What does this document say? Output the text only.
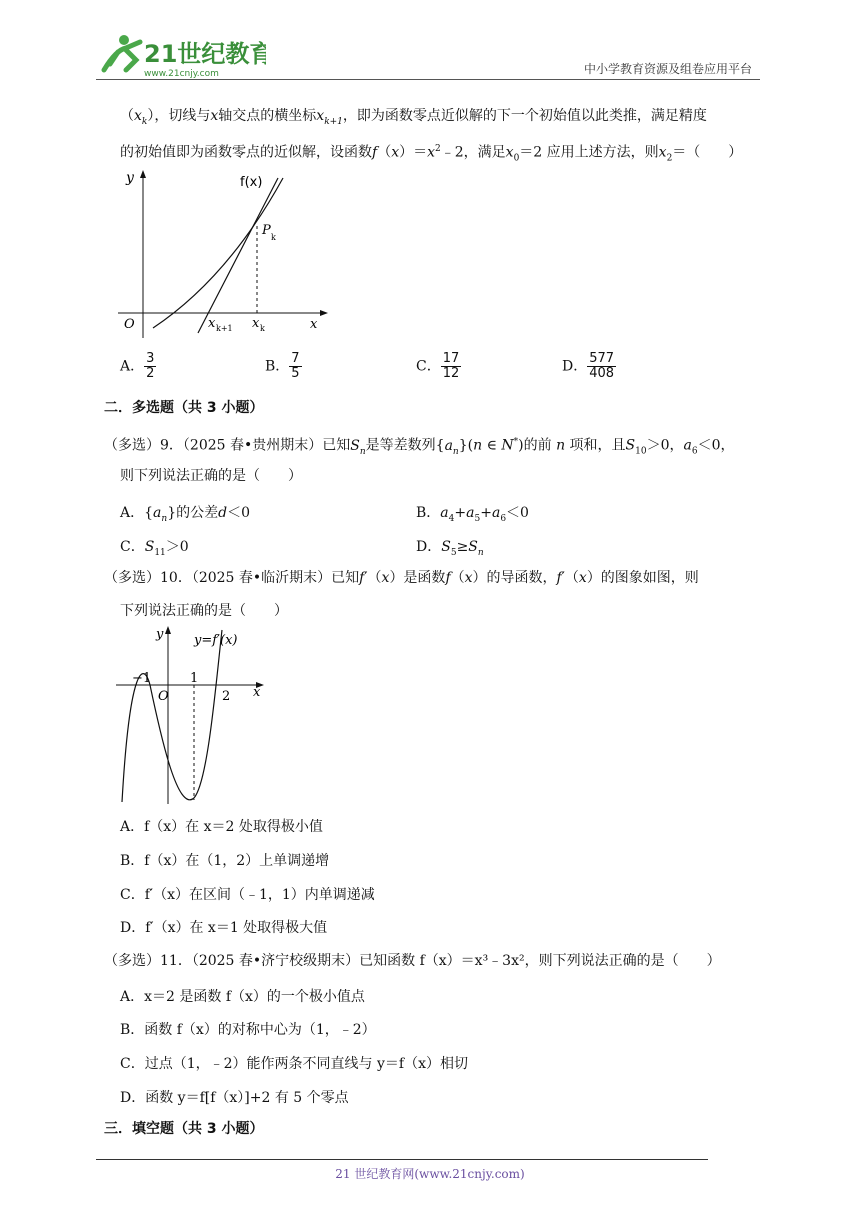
21世纪教育
www.21cnjy.com	中小学教育资源及组卷应用平台
$(x_k)$，切线与x轴交点的横坐标$x_{k+1}$，即为函数零点近似解的下一个初始值以此类推，满足精度
的初始值即为函数零点的近似解，设函数$f(x)=x^2﹣2$，满足$x_0=2$ 应用上述方法，则$x_2=$（　　）
y	f(x)
P k
O	x k+1 x k	x
A． $\frac{3}{2}$	B． $\frac{7}{5}$	C． $\frac{17}{12}$	D． $\frac{577}{408}$
二．多选题（共 3 小题）
（多选）9．（2025 春•贵州期末）已知$S_n$是等差数列$\{a_n\}(n$ ∈ N*)的前 n 项和，且$S_{10}>0$，$a_6<0$，
则下列说法正确的是（　　）
A．$\{a_n\}$的公差d＜0	B．$a_4+a_5+a_6<0$
C．$S_{11}>0$	D．$S_5\ge S_n$
（多选）10．（2025 春•临沂期末）已知f′（x）是函数f（x）的导函数，f′（x）的图象如图，则
下列说法正确的是（　　）
y y=f′(x)
−1
O
1
2 x
A．f（x）在 x＝2 处取得极小值
B．f（x）在（1，2）上单调递增
C．f′（x）在区间（﹣1，1）内单调递减
D．f′（x）在 x＝1 处取得极大值
（多选）11．（2025 春•济宁校级期末）已知函数 f（x）＝x³﹣3x²，则下列说法正确的是（　　）
A．x＝2 是函数 f（x）的一个极小值点
B．函数 f（x）的对称中心为（1，﹣2）
C．过点（1，﹣2）能作两条不同直线与 y＝f（x）相切
D．函数 y＝f[f（x）]+2 有 5 个零点
三．填空题（共 3 小题）
21 世纪教育网(www.21cnjy.com)
